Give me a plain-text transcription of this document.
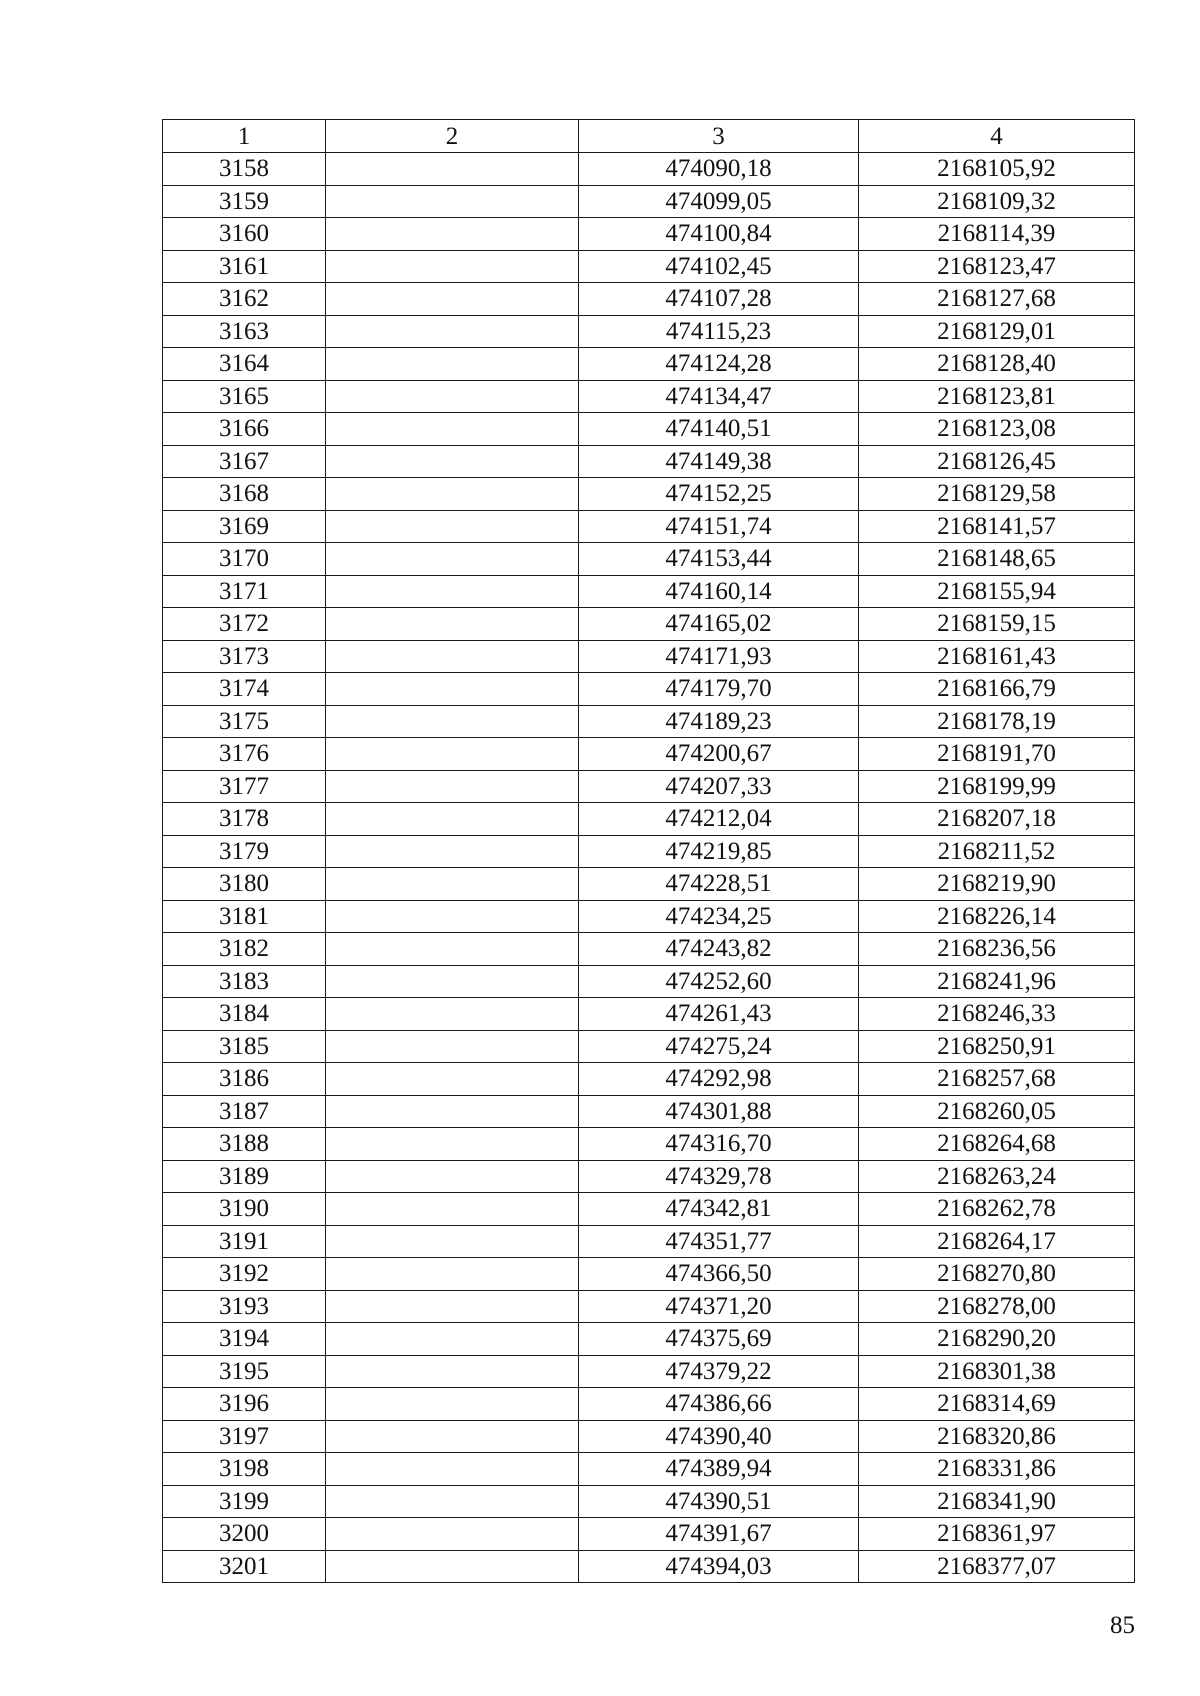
1	2	3	4
3158		474090,18	2168105,92
3159		474099,05	2168109,32
3160		474100,84	2168114,39
3161		474102,45	2168123,47
3162		474107,28	2168127,68
3163		474115,23	2168129,01
3164		474124,28	2168128,40
3165		474134,47	2168123,81
3166		474140,51	2168123,08
3167		474149,38	2168126,45
3168		474152,25	2168129,58
3169		474151,74	2168141,57
3170		474153,44	2168148,65
3171		474160,14	2168155,94
3172		474165,02	2168159,15
3173		474171,93	2168161,43
3174		474179,70	2168166,79
3175		474189,23	2168178,19
3176		474200,67	2168191,70
3177		474207,33	2168199,99
3178		474212,04	2168207,18
3179		474219,85	2168211,52
3180		474228,51	2168219,90
3181		474234,25	2168226,14
3182		474243,82	2168236,56
3183		474252,60	2168241,96
3184		474261,43	2168246,33
3185		474275,24	2168250,91
3186		474292,98	2168257,68
3187		474301,88	2168260,05
3188		474316,70	2168264,68
3189		474329,78	2168263,24
3190		474342,81	2168262,78
3191		474351,77	2168264,17
3192		474366,50	2168270,80
3193		474371,20	2168278,00
3194		474375,69	2168290,20
3195		474379,22	2168301,38
3196		474386,66	2168314,69
3197		474390,40	2168320,86
3198		474389,94	2168331,86
3199		474390,51	2168341,90
3200		474391,67	2168361,97
3201		474394,03	2168377,07
85
